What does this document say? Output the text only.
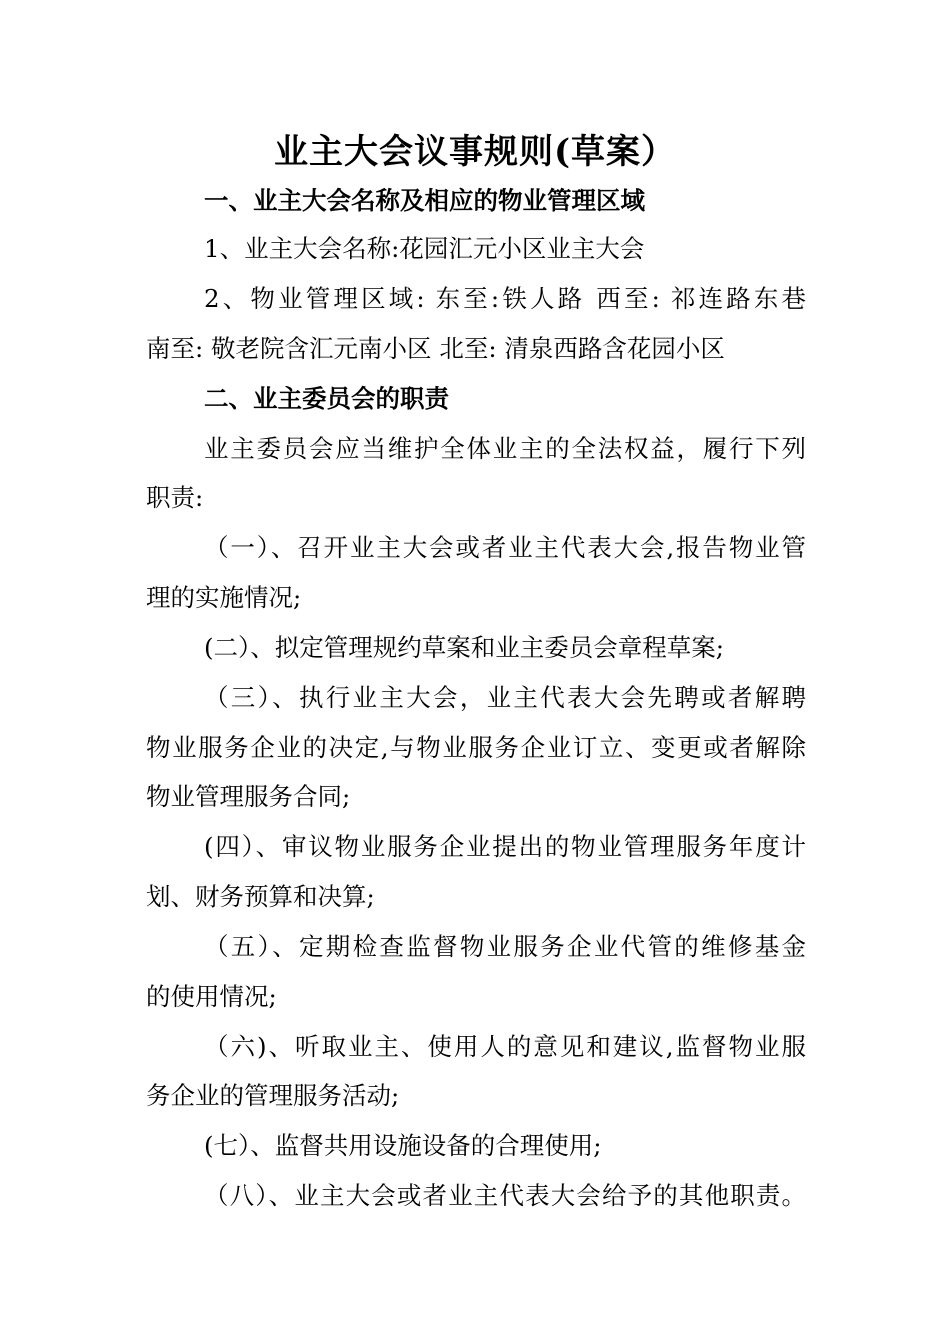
业主大会议事规则(草案）
一、业主大会名称及相应的物业管理区域
1、业主大会名称:花园汇元小区业主大会
2、物业管理区域: 东至:铁人路 西至: 祁连路东巷
南至: 敬老院含汇元南小区 北至: 清泉西路含花园小区
二、业主委员会的职责
业主委员会应当维护全体业主的全法权益，履行下列
职责:
（一）、召开业主大会或者业主代表大会,报告物业管
理的实施情况;
(二）、拟定管理规约草案和业主委员会章程草案;
（三）、执行业主大会，业主代表大会先聘或者解聘
物业服务企业的决定,与物业服务企业订立、变更或者解除
物业管理服务合同;
(四）、审议物业服务企业提出的物业管理服务年度计
划、财务预算和决算;
（五）、定期检查监督物业服务企业代管的维修基金
的使用情况;
（六)、听取业主、使用人的意见和建议,监督物业服
务企业的管理服务活动;
(七）、监督共用设施设备的合理使用;
（八）、业主大会或者业主代表大会给予的其他职责。
